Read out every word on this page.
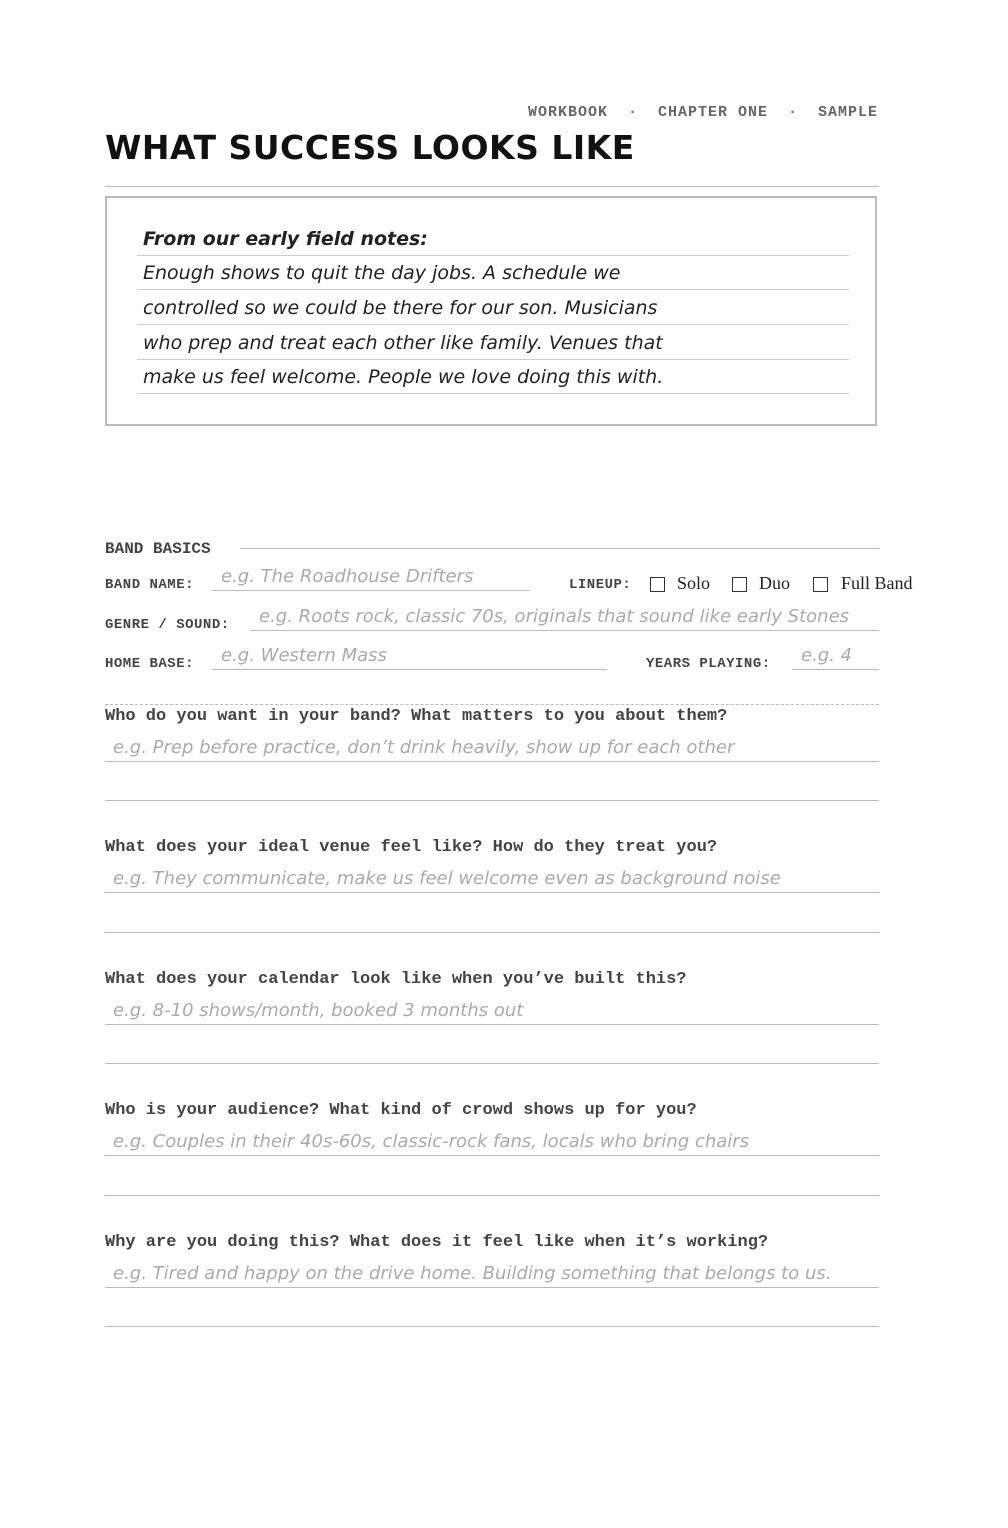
WORKBOOK  ·  CHAPTER ONE  ·  SAMPLE
WHAT SUCCESS LOOKS LIKE
From our early field notes:
Enough shows to quit the day jobs. A schedule we
controlled so we could be there for our son. Musicians
who prep and treat each other like family. Venues that
make us feel welcome. People we love doing this with.
BAND BASICS
BAND NAME: e.g. The Roadhouse Drifters	LINEUP:	Solo	Duo	Full Band
GENRE / SOUND: e.g. Roots rock, classic 70s, originals that sound like early Stones
HOME BASE: e.g. Western Mass	YEARS PLAYING: e.g. 4
Who do you want in your band? What matters to you about them?
e.g. Prep before practice, don’t drink heavily, show up for each other
What does your ideal venue feel like? How do they treat you?
e.g. They communicate, make us feel welcome even as background noise
What does your calendar look like when you’ve built this?
e.g. 8-10 shows/month, booked 3 months out
Who is your audience? What kind of crowd shows up for you?
e.g. Couples in their 40s-60s, classic-rock fans, locals who bring chairs
Why are you doing this? What does it feel like when it’s working?
e.g. Tired and happy on the drive home. Building something that belongs to us.
